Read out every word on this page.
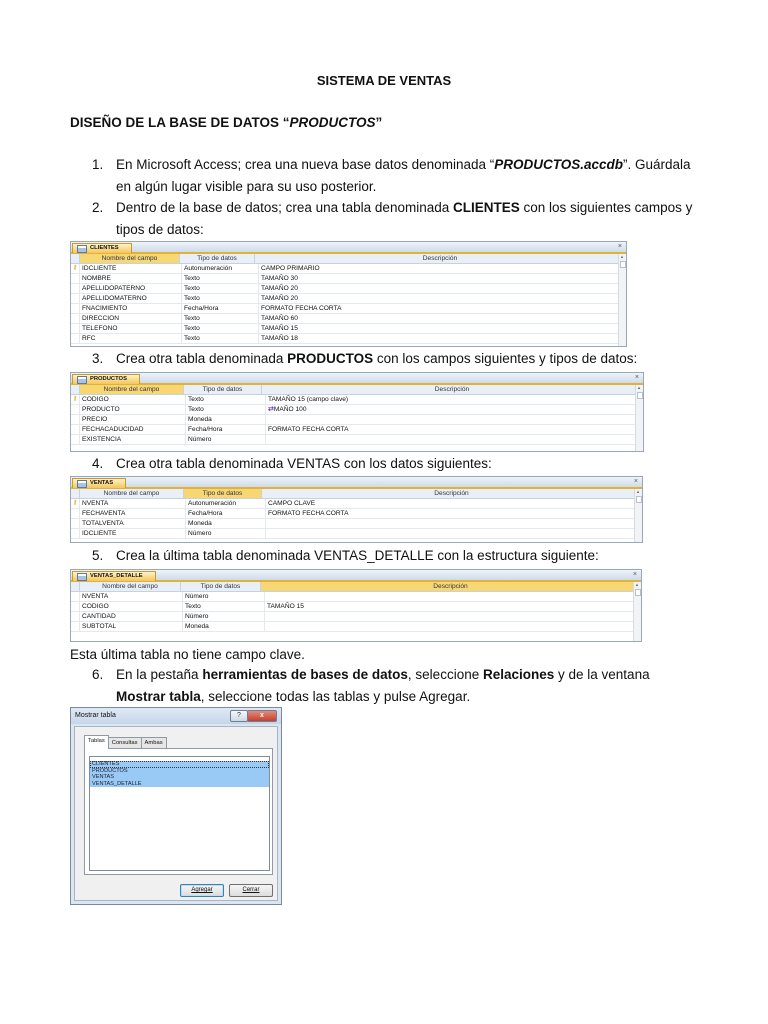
SISTEMA DE VENTAS
DISEÑO DE LA BASE DE DATOS “PRODUCTOS”
1. En Microsoft Access; crea una nueva base datos denominada “PRODUCTOS.accdb”. Guárdala en algún lugar visible para su uso posterior.
2. Dentro de la base de datos; crea una tabla denominada CLIENTES con los siguientes campos y tipos de datos:
CLIENTES	×
Nombre del campo	Tipo de datos	Descripción
⚷ IDCLIENTE	Autonumeración	CAMPO PRIMARIO
NOMBRE	Texto	TAMAÑO 30
APELLIDOPATERNO	Texto	TAMAÑO 20
APELLIDOMATERNO	Texto	TAMAÑO 20
FNACIMIENTO	Fecha/Hora	FORMATO FECHA CORTA
DIRECCION	Texto	TAMAÑO 60
TELEFONO	Texto	TAMAÑO 15
RFC	Texto	TAMAÑO 18
▲
3. Crea otra tabla denominada PRODUCTOS con los campos siguientes y tipos de datos:
PRODUCTOS	×
Nombre del campo	Tipo de datos	Descripción
⚷ CODIGO	Texto	TAMAÑO 15 (campo clave)
PRODUCTO	Texto	⇄MAÑO 100
PRECIO	Moneda
FECHACADUCIDAD	Fecha/Hora	FORMATO FECHA CORTA
EXISTENCIA	Número
▲
4. Crea otra tabla denominada VENTAS con los datos siguientes:
VENTAS	×
Nombre del campo	Tipo de datos	Descripción
⚷ NVENTA	Autonumeración	CAMPO CLAVE
FECHAVENTA	Fecha/Hora	FORMATO FECHA CORTA
TOTALVENTA	Moneda
IDCLIENTE	Número
▲
5. Crea la última tabla denominada VENTAS_DETALLE con la estructura siguiente:
VENTAS_DETALLE	×
Nombre del campo	Tipo de datos	Descripción
NVENTA	Número
CODIGO	Texto	TAMAÑO 15
CANTIDAD	Número
SUBTOTAL	Moneda
▲
Esta última tabla no tiene campo clave.
6. En la pestaña herramientas de bases de datos, seleccione Relaciones y de la ventana Mostrar tabla, seleccione todas las tablas y pulse Agregar.
Mostrar tabla	?	x
Tablas	Consultas	Ambas
CLIENTES
PRODUCTOS
VENTAS
VENTAS_DETALLE
Agregar	Cerrar
